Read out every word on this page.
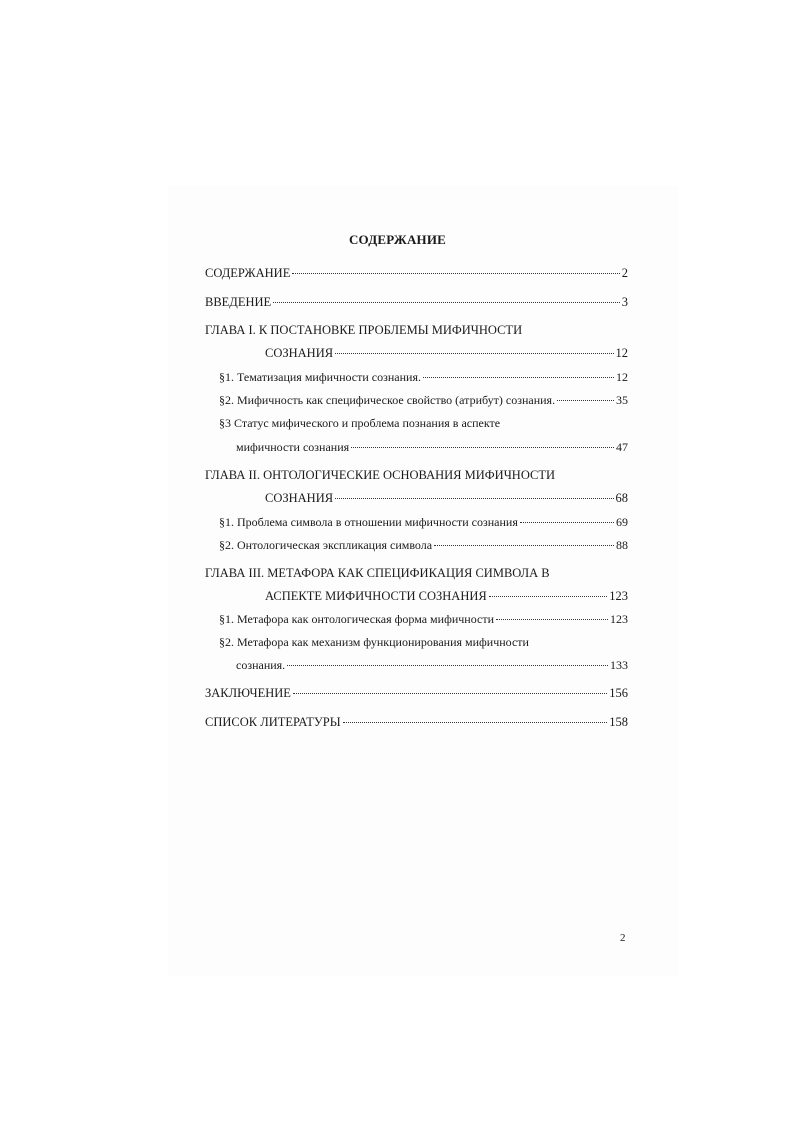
СОДЕРЖАНИЕ
СОДЕРЖАНИЕ	2
ВВЕДЕНИЕ	3
ГЛАВА I. К ПОСТАНОВКЕ ПРОБЛЕМЫ МИФИЧНОСТИ
СОЗНАНИЯ	12
§1. Тематизация мифичности сознания.	12
§2. Мифичность как специфическое свойство (атрибут) сознания.	35
§3 Статус мифического и проблема познания в аспекте
мифичности сознания	47
ГЛАВА II. ОНТОЛОГИЧЕСКИЕ ОСНОВАНИЯ МИФИЧНОСТИ
СОЗНАНИЯ	68
§1. Проблема символа в отношении мифичности сознания	69
§2. Онтологическая экспликация символа	88
ГЛАВА III. МЕТАФОРА КАК СПЕЦИФИКАЦИЯ СИМВОЛА В
АСПЕКТЕ МИФИЧНОСТИ СОЗНАНИЯ	123
§1. Метафора как онтологическая форма мифичности	123
§2. Метафора как механизм функционирования мифичности
сознания.	133
ЗАКЛЮЧЕНИЕ	156
СПИСОК ЛИТЕРАТУРЫ	158
2
